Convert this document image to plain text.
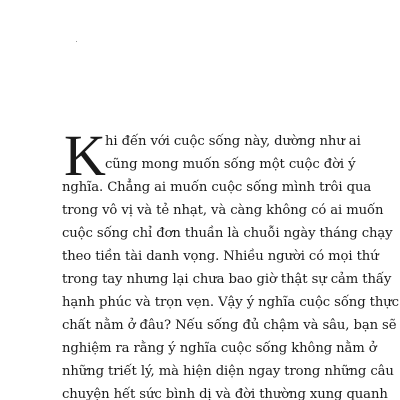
K hi đến với cuộc sống này, dường như ai
cũng mong muốn sống một cuộc đời ý
nghĩa. Chẳng ai muốn cuộc sống mình trôi qua
trong vô vị và tẻ nhạt, và càng không có ai muốn
cuộc sống chỉ đơn thuần là chuỗi ngày tháng chạy
theo tiền tài danh vọng. Nhiều người có mọi thứ
trong tay nhưng lại chưa bao giờ thật sự cảm thấy
hạnh phúc và trọn vẹn. Vậy ý nghĩa cuộc sống thực
chất nằm ở đâu? Nếu sống đủ chậm và sâu, bạn sẽ
nghiệm ra rằng ý nghĩa cuộc sống không nằm ở
những triết lý, mà hiện diện ngay trong những câu
chuyện hết sức bình dị và đời thường xung quanh
